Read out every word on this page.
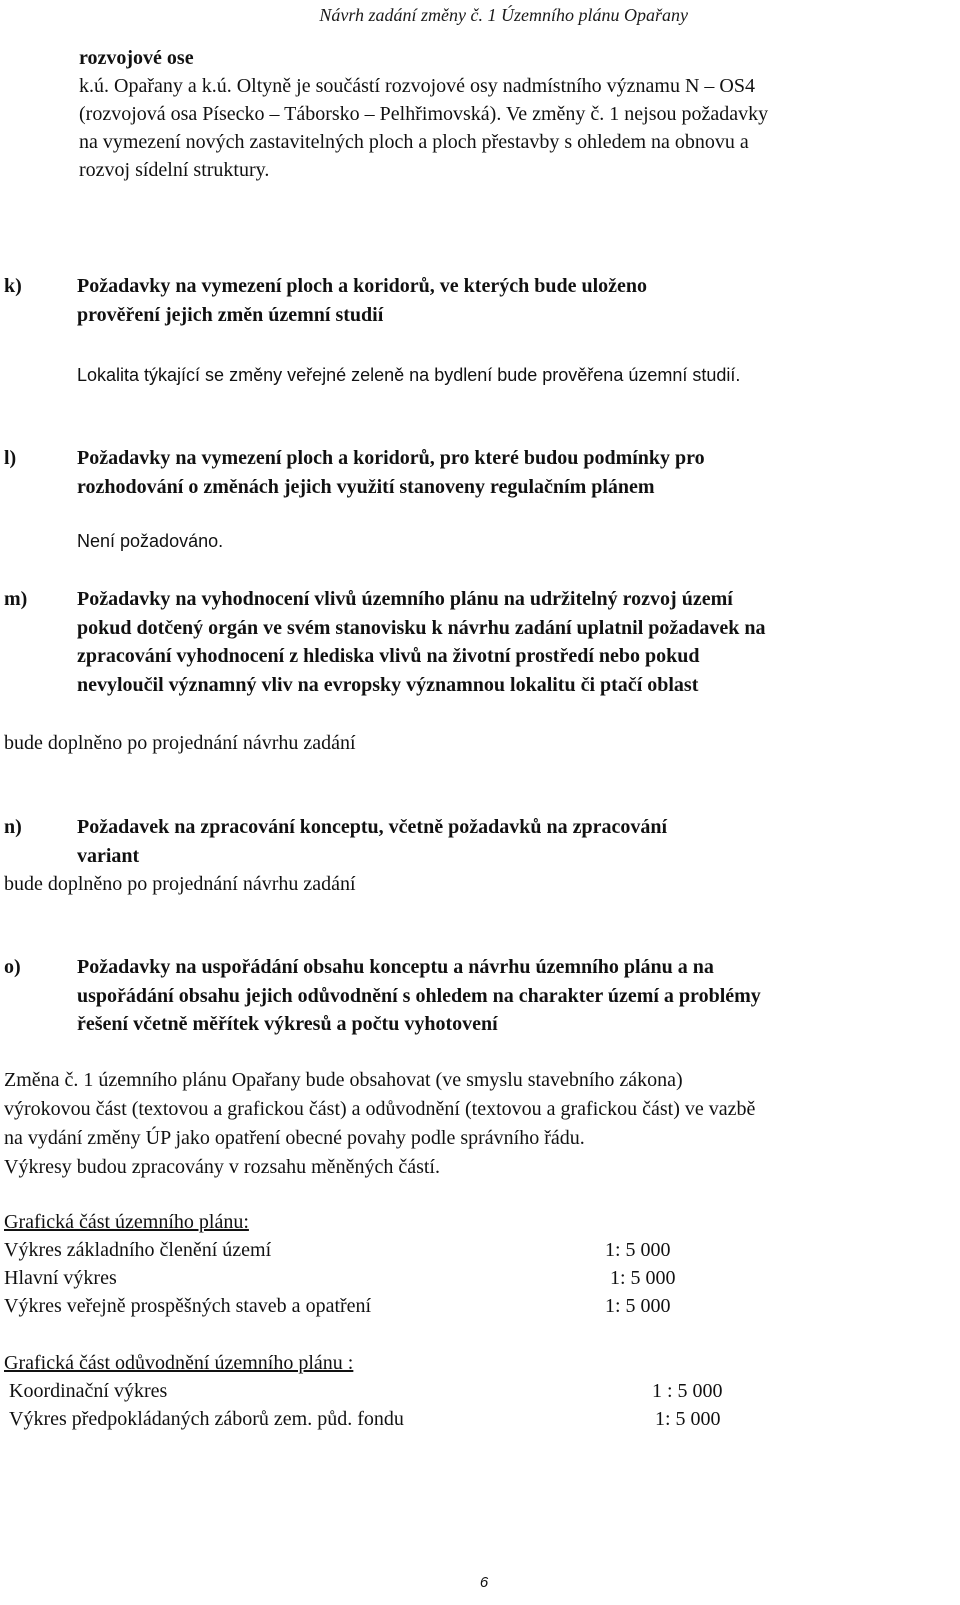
Návrh zadání změny č. 1 Územního plánu Opařany
rozvojové ose
k.ú. Opařany a k.ú. Oltyně je součástí rozvojové osy nadmístního významu N – OS4
(rozvojová osa Písecko – Táborsko – Pelhřimovská). Ve změny č. 1 nejsou požadavky
na vymezení nových zastavitelných ploch a ploch přestavby s ohledem na obnovu a
rozvoj sídelní struktury.
k)	Požadavky na vymezení ploch a koridorů, ve kterých bude uloženo
prověření jejich změn územní studií
Lokalita týkající se změny veřejné zeleně na bydlení bude prověřena územní studií.
l)	Požadavky na vymezení ploch a koridorů, pro které budou podmínky pro
rozhodování o změnách jejich využití stanoveny regulačním plánem
Není požadováno.
m) Požadavky na vyhodnocení vlivů územního plánu na udržitelný rozvoj území
pokud dotčený orgán ve svém stanovisku k návrhu zadání uplatnil požadavek na
zpracování vyhodnocení z hlediska vlivů na životní prostředí nebo pokud
nevyloučil významný vliv na evropsky významnou lokalitu či ptačí oblast
bude doplněno po projednání návrhu zadání
n)	Požadavek na zpracování konceptu, včetně požadavků na zpracování
variant
bude doplněno po projednání návrhu zadání
o)	Požadavky na uspořádání obsahu konceptu a návrhu územního plánu a na
uspořádání obsahu jejich odůvodnění s ohledem na charakter území a problémy
řešení včetně měřítek výkresů a počtu vyhotovení
Změna č. 1 územního plánu Opařany bude obsahovat (ve smyslu stavebního zákona)
výrokovou část (textovou a grafickou část) a odůvodnění (textovou a grafickou část) ve vazbě
na vydání změny ÚP jako opatření obecné povahy podle správního řádu.
Výkresy budou zpracovány v rozsahu měněných částí.
Grafická část územního plánu:
Výkres základního členění území	1: 5 000
Hlavní výkres	1: 5 000
Výkres veřejně prospěšných staveb a opatření	1: 5 000
Grafická část odůvodnění územního plánu :
Koordinační výkres	1 : 5 000
Výkres předpokládaných záborů zem. půd. fondu	1: 5 000
6
